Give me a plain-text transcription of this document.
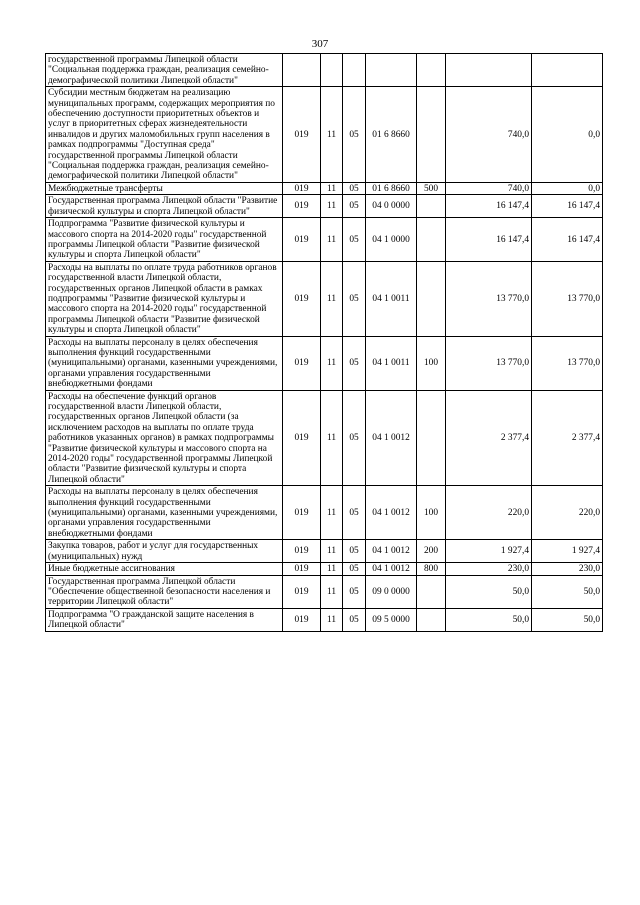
307
государственной программы Липецкой области "Социальная поддержка граждан, реализация семейно-демографической политики Липецкой области"							
Субсидии местным бюджетам на реализацию муниципальных программ, содержащих мероприятия по обеспечению доступности приоритетных объектов и услуг в приоритетных сферах жизнедеятельности инвалидов и других маломобильных групп населения в рамках подпрограммы "Доступная среда" государственной программы Липецкой области "Социальная поддержка граждан, реализация семейно-демографической политики Липецкой области"	019	11	05	01 6 8660		740,0	0,0
Межбюджетные трансферты	019	11	05	01 6 8660	500	740,0	0,0
Государственная программа Липецкой области "Развитие физической культуры и спорта Липецкой области"	019	11	05	04 0 0000		16 147,4	16 147,4
Подпрограмма "Развитие физической культуры и массового спорта на 2014-2020 годы" государственной программы Липецкой области "Развитие физической культуры и спорта Липецкой области"	019	11	05	04 1 0000		16 147,4	16 147,4
Расходы на выплаты по оплате труда работников органов государственной власти Липецкой области, государственных органов Липецкой области в рамках подпрограммы "Развитие физической культуры и массового спорта на 2014-2020 годы" государственной программы Липецкой области "Развитие физической культуры и спорта Липецкой области"	019	11	05	04 1 0011		13 770,0	13 770,0
Расходы на выплаты персоналу в целях обеспечения выполнения функций государственными (муниципальными) органами, казенными учреждениями, органами управления государственными внебюджетными фондами	019	11	05	04 1 0011	100	13 770,0	13 770,0
Расходы на обеспечение функций органов государственной власти Липецкой области, государственных органов Липецкой области (за исключением расходов на выплаты по оплате труда работников указанных органов) в рамках подпрограммы "Развитие физической культуры и массового спорта на 2014-2020 годы" государственной программы Липецкой области "Развитие физической культуры и спорта Липецкой области"	019	11	05	04 1 0012		2 377,4	2 377,4
Расходы на выплаты персоналу в целях обеспечения выполнения функций государственными (муниципальными) органами, казенными учреждениями, органами управления государственными внебюджетными фондами	019	11	05	04 1 0012	100	220,0	220,0
Закупка товаров, работ и услуг для государственных (муниципальных) нужд	019	11	05	04 1 0012	200	1 927,4	1 927,4
Иные бюджетные ассигнования	019	11	05	04 1 0012	800	230,0	230,0
Государственная программа Липецкой области "Обеспечение общественной безопасности населения и территории Липецкой области"	019	11	05	09 0 0000		50,0	50,0
Подпрограмма "О гражданской защите населения в Липецкой области"	019	11	05	09 5 0000		50,0	50,0
